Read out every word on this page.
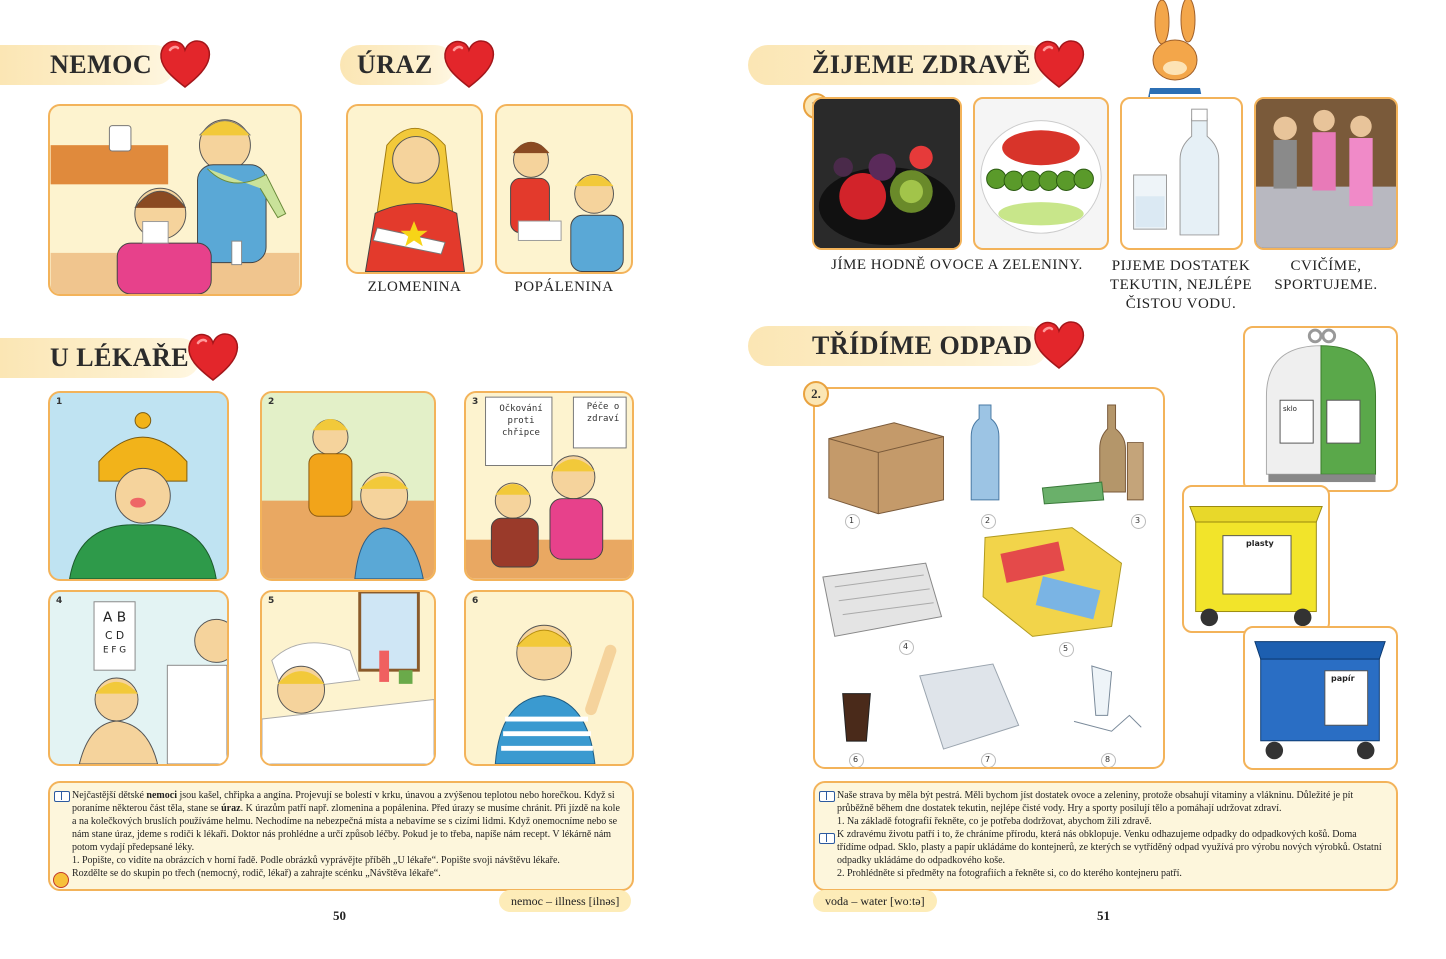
NEMOC	ÚRAZ
ZLOMENINA	POPÁLENINA
U LÉKAŘE
1	2
Očkování proti chřipce
Péče o zdraví
3
A B
C D
E F G
4	5	6

Nejčastější dětské nemoci jsou kašel, chřipka a angína. Projevují se bolestí v krku, únavou a zvýšenou teplotou nebo horečkou. Když si poraníme některou část těla, stane se úraz. K úrazům patří např. zlomenina a popálenina. Před úrazy se musíme chránit. Při jízdě na kole a na kolečkových bruslích používáme helmu. Nechodíme na nebezpečná místa a nebavíme se s cizími lidmi. Když onemocníme nebo se nám stane úraz, jdeme s rodiči k lékaři. Doktor nás prohlédne a určí způsob léčby. Pokud je to třeba, napíše nám recept. V lékárně nám potom vydají předepsané léky.

1. Popište, co vidíte na obrázcích v horní řadě. Podle obrázků vyprávějte příběh „U lékaře“. Popište svoji návštěvu lékaře.

Rozdělte se do skupin po třech (nemocný, rodič, lékař) a zahrajte scénku „Návštěva lékaře“.

nemoc – illness [ilnəs]
50
ŽIJEME ZDRAVĚ
JÍME HODNĚ OVOCE A ZELENINY.	PIJEME DOSTATEK
TEKUTIN, NEJLÉPE
ČISTOU VODU.
CVIČÍME,
SPORTUJEME.
TŘÍDÍME ODPAD
1	2	3
4	5
6	7	8
2.
sklo
plasty
papír

Naše strava by měla být pestrá. Měli bychom jíst dostatek ovoce a zeleniny, protože obsahují vitaminy a vlákninu. Důležité je pít průběžně během dne dostatek tekutin, nejlépe čisté vody. Hry a sporty posilují tělo a pomáhají udržovat zdraví.

1. Na základě fotografií řekněte, co je potřeba dodržovat, abychom žili zdravě.

K zdravému životu patří i to, že chráníme přírodu, která nás obklopuje. Venku odhazujeme odpadky do odpadkových košů. Doma třídíme odpad. Sklo, plasty a papír ukládáme do kontejnerů, ze kterých se vytříděný odpad využívá pro výrobu nových výrobků. Ostatní odpadky ukládáme do odpadkového koše.

2. Prohlédněte si předměty na fotografiích a řekněte si, co do kterého kontejneru patří.

voda – water [woːtə]
51
